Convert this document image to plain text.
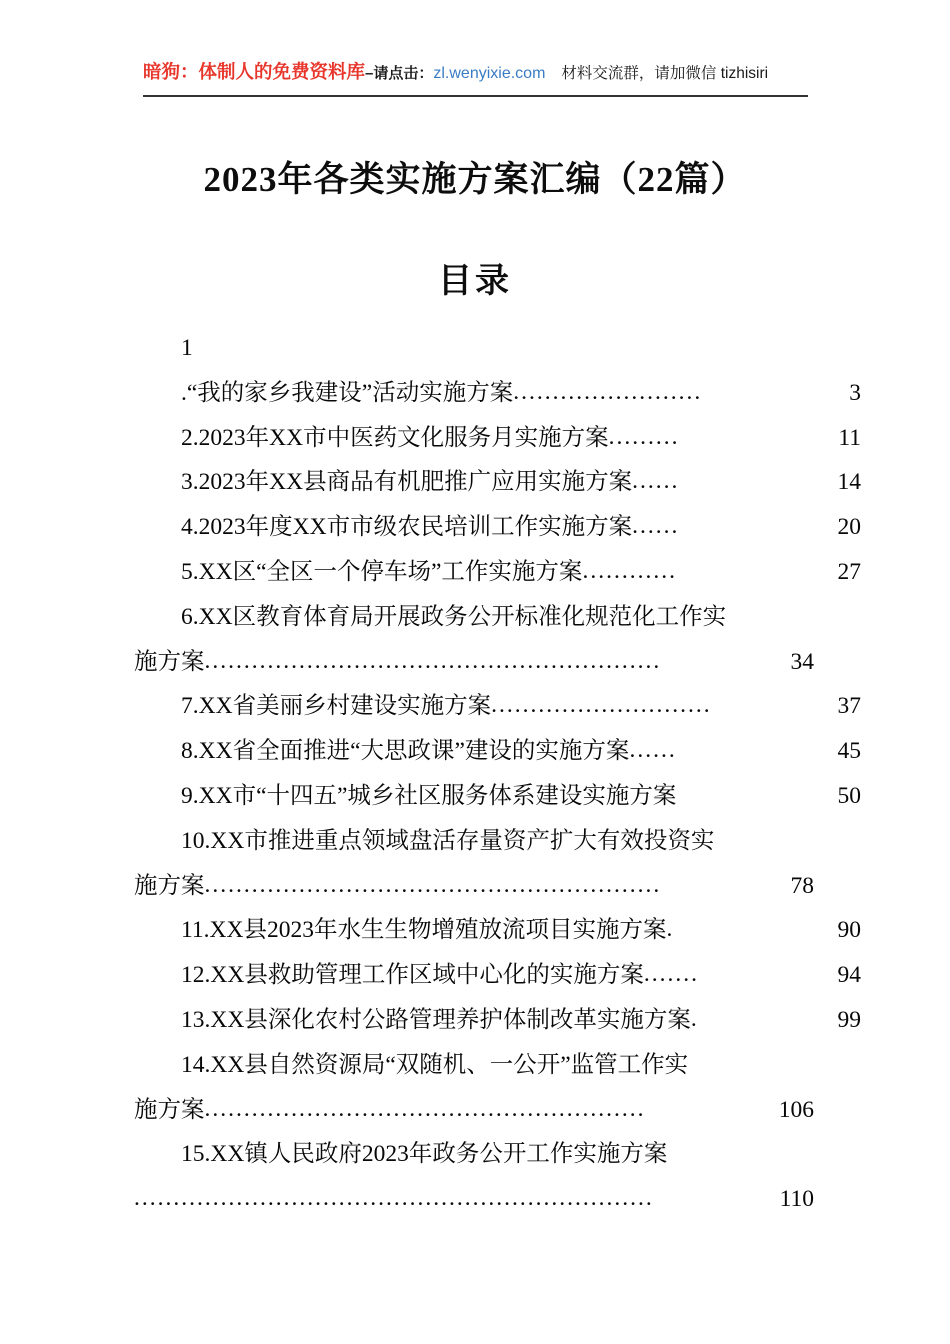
暗狗：体制人的免费资料库–请点击：zl.wenyixie.com 材料交流群，请加微信 tizhisiri
2023年各类实施方案汇编（22篇）
目录
1
.“我的家乡我建设”活动实施方案 ........................	3
2.2023年XX市中医药文化服务月实施方案 .........	11
3.2023年XX县商品有机肥推广应用实施方案 ......	14
4.2023年度XX市市级农民培训工作实施方案 ......	20
5.XX区“全区一个停车场”工作实施方案 ............	27
6.XX区教育体育局开展政务公开标准化规范化工作实
施方案 ..........................................................	34
7.XX省美丽乡村建设实施方案 ............................	37
8.XX省全面推进“大思政课”建设的实施方案 ......	45
9.XX市“十四五”城乡社区服务体系建设实施方案	50
10.XX市推进重点领域盘活存量资产扩大有效投资实
施方案 ..........................................................	78
11.XX县2023年水生生物增殖放流项目实施方案 .	90
12.XX县救助管理工作区域中心化的实施方案 .......	94
13.XX县深化农村公路管理养护体制改革实施方案 .	99
14.XX县自然资源局“双随机、一公开”监管工作实
施方案 ........................................................	106
15.XX镇人民政府2023年政务公开工作实施方案
..................................................................	110
